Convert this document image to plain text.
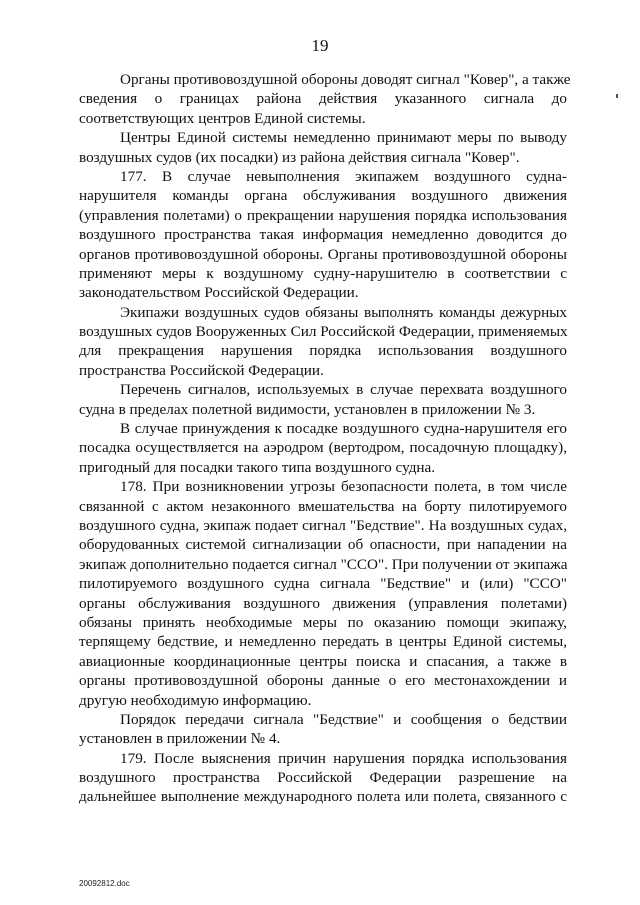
19

Органы противовоздушной обороны доводят сигнал "Ковер", а также
сведения о границах района действия указанного сигнала до
соответствующих центров Единой системы.

Центры Единой системы немедленно принимают меры по выводу
воздушных судов (их посадки) из района действия сигнала "Ковер".

177. В случае невыполнения экипажем воздушного судна-
нарушителя команды органа обслуживания воздушного движения
(управления полетами) о прекращении нарушения порядка использования
воздушного пространства такая информация немедленно доводится до
органов противовоздушной обороны. Органы противовоздушной обороны
применяют меры к воздушному судну-нарушителю в соответствии с
законодательством Российской Федерации.

Экипажи воздушных судов обязаны выполнять команды дежурных
воздушных судов Вооруженных Сил Российской Федерации, применяемых
для прекращения нарушения порядка использования воздушного
пространства Российской Федерации.

Перечень сигналов, используемых в случае перехвата воздушного
судна в пределах полетной видимости, установлен в приложении № 3.

В случае принуждения к посадке воздушного судна-нарушителя его
посадка осуществляется на аэродром (вертодром, посадочную площадку),
пригодный для посадки такого типа воздушного судна.

178. При возникновении угрозы безопасности полета, в том числе
связанной с актом незаконного вмешательства на борту пилотируемого
воздушного судна, экипаж подает сигнал "Бедствие". На воздушных судах,
оборудованных системой сигнализации об опасности, при нападении на
экипаж дополнительно подается сигнал "ССО". При получении от экипажа
пилотируемого воздушного судна сигнала "Бедствие" и (или) "ССО"
органы обслуживания воздушного движения (управления полетами)
обязаны принять необходимые меры по оказанию помощи экипажу,
терпящему бедствие, и немедленно передать в центры Единой системы,
авиационные координационные центры поиска и спасания, а также в
органы противовоздушной обороны данные о его местонахождении и
другую необходимую информацию.

Порядок передачи сигнала "Бедствие" и сообщения о бедствии
установлен в приложении № 4.

179. После выяснения причин нарушения порядка использования
воздушного пространства Российской Федерации разрешение на
дальнейшее выполнение международного полета или полета, связанного с

20092812.doc
